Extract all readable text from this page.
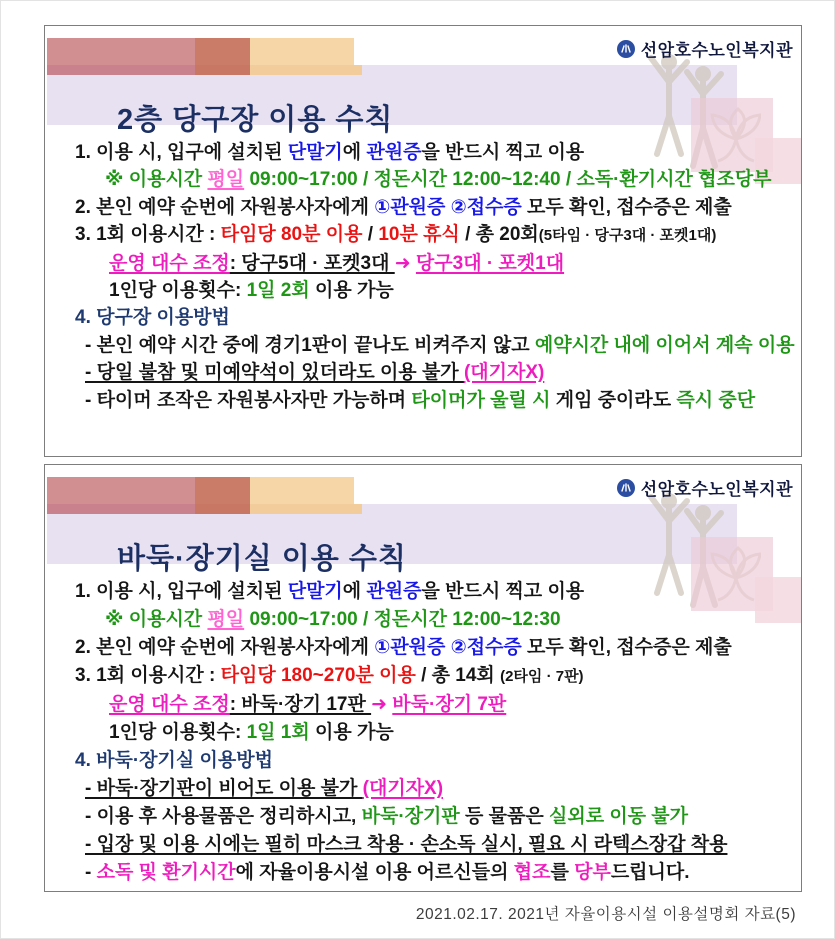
2층 당구장 이용 수칙
선암호수노인복지관
1. 이용 시, 입구에 설치된 단말기에 관원증을 반드시 찍고 이용
※ 이용시간 평일 09:00~17:00 / 정돈시간 12:00~12:40 / 소독·환기시간 협조당부
2. 본인 예약 순번에 자원봉사자에게 ①관원증 ②접수증 모두 확인, 접수증은 제출
3. 1회 이용시간 : 타임당 80분 이용 / 10분 휴식 / 총 20회(5타임 · 당구3대 · 포켓1대)
운영 대수 조정: 당구5대 · 포켓3대 ➜ 당구3대 · 포켓1대
1인당 이용횟수: 1일 2회 이용 가능
4. 당구장 이용방법
- 본인 예약 시간 중에 경기1판이 끝나도 비켜주지 않고 예약시간 내에 이어서 계속 이용
- 당일 불참 및 미예약석이 있더라도 이용 불가 (대기자X)
- 타이머 조작은 자원봉사자만 가능하며 타이머가 울릴 시 게임 중이라도 즉시 중단
바둑·장기실 이용 수칙
선암호수노인복지관
1. 이용 시, 입구에 설치된 단말기에 관원증을 반드시 찍고 이용
※ 이용시간 평일 09:00~17:00 / 정돈시간 12:00~12:30
2. 본인 예약 순번에 자원봉사자에게 ①관원증 ②접수증 모두 확인, 접수증은 제출
3. 1회 이용시간 : 타임당 180~270분 이용 / 총 14회 (2타임 · 7판)
운영 대수 조정: 바둑·장기 17판 ➜ 바둑·장기 7판
1인당 이용횟수: 1일 1회 이용 가능
4. 바둑·장기실 이용방법
- 바둑·장기판이 비어도 이용 불가 (대기자X)
- 이용 후 사용물품은 정리하시고, 바둑·장기판 등 물품은 실외로 이동 불가
- 입장 및 이용 시에는 필히 마스크 착용 · 손소독 실시, 필요 시 라텍스장갑 착용
- 소독 및 환기시간에 자율이용시설 이용 어르신들의 협조를 당부드립니다.
2021.02.17. 2021년 자율이용시설 이용설명회 자료(5)
